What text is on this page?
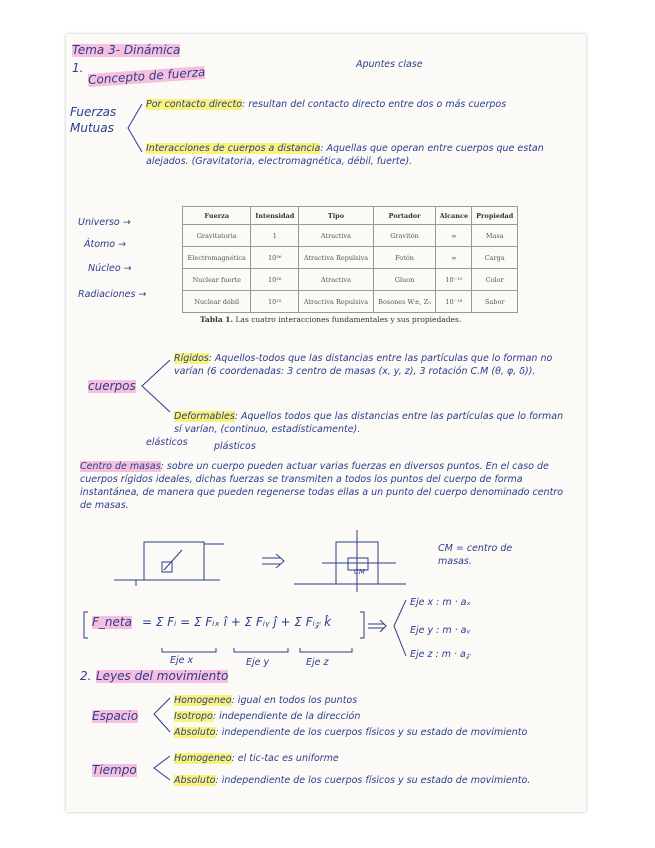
Tema 3- Dinámica
Apuntes clase
1. Concepto de fuerza
Fuerzas
Mutuas
Por contacto directo: resultan del contacto directo entre dos o más cuerpos
Interacciones de cuerpos a distancia: Aquellas que operan entre cuerpos que estan alejados. (Gravitatoria, electromagnética, débil, fuerte).
Universo →
Átomo →
Núcleo →
Radiaciones →
Fuerza	Intensidad	Tipo	Portador	Alcance	Propiedad
Gravitatoria	1	Atractiva	Gravitón	∞	Masa
Electromagnética	10³⁶	Atractiva Repulsiva	Fotón	∞	Carga
Nuclear fuerte	10³⁸	Atractiva	Gluon	10⁻¹⁵	Color
Nuclear débil	10²⁵	Atractiva Repulsiva	Bosones W±, Z₀	10⁻¹⁸	Sabor
Tabla 1. Las cuatro interacciones fundamentales y sus propiedades.
cuerpos
Rígidos: Aquellos-todos que las distancias entre las partículas que lo forman no varían (6 coordenadas: 3 centro de masas (x, y, z), 3 rotación C.M (θ, φ, δ)).
Deformables: Aquellos todos que las distancias entre las partículas que lo forman sí varían, (continuo, estadísticamente).
elásticos	plásticos
Centro de masas: sobre un cuerpo pueden actuar varias fuerzas en diversos puntos. En el caso de cuerpos rígidos ideales, dichas fuerzas se transmiten a todos los puntos del cuerpo de forma instantánea, de manera que pueden regenerse todas ellas a un punto del cuerpo denominado centro de masas.
CM = centro de masas.
CM
F_neta = Σ Fᵢ = Σ Fᵢₓ î + Σ Fᵢᵧ ĵ + Σ Fᵢ𝓏 k̂
Eje x	Eje y	Eje z
Eje x : m · aₓ
Eje y : m · aᵧ
Eje z : m · a𝓏
2. Leyes del movimiento
Espacio
Homogeneo: igual en todos los puntos
Isotropo: independiente de la dirección
Absoluto: independiente de los cuerpos físicos y su estado de movimiento
Tiempo
Homogeneo: el tic-tac es uniforme
Absoluto: independiente de los cuerpos físicos y su estado de movimiento.
